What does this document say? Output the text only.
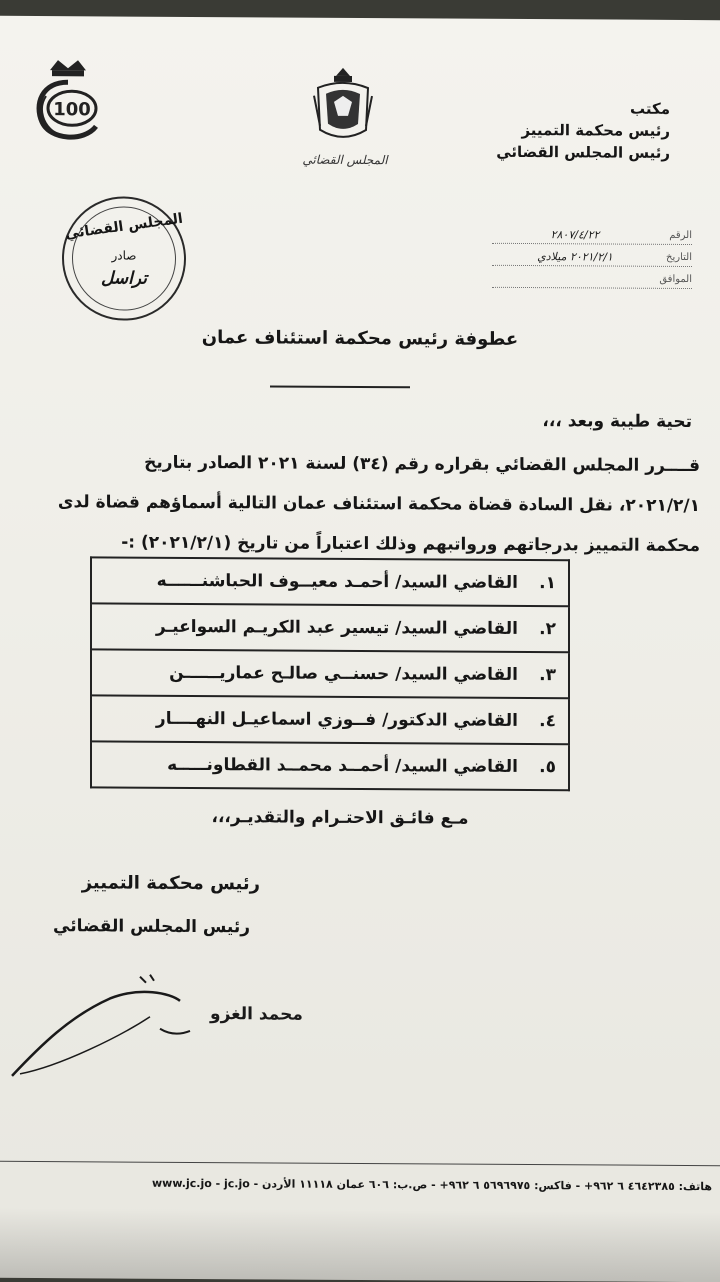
100
المجلس القضائي
مكتب
رئيس محكمة التمييز
رئيس المجلس القضائي
المجلس القضائي
صادر
تراسل
الرقم
٢٨٠٧/٤/٢٢
التاريخ
٢٠٢١/٢/١ ميلادي
الموافق
عطوفة رئيس محكمة استئناف عمان
تحية طيبة وبعد ،،،
قــــرر المجلس القضائي بقراره رقم (٣٤) لسنة ٢٠٢١ الصادر بتاريخ
٢٠٢١/٢/١، نقل السادة قضاة محكمة استئناف عمان التالية أسماؤهم قضاة لدى
محكمة التمييز بدرجاتهم ورواتبهم وذلك اعتباراً من تاريخ (٢٠٢١/٢/١) :-
١.القاضي السيد/ أحمـد معيــوف الحباشنــــــه
٢.القاضي السيد/ تيسير عبد الكريـم السواعيـر
٣.القاضي السيد/ حسنــي صالـح عماريــــــن
٤.القاضي الدكتور/ فــوزي اسماعيـل النهــــار
٥.القاضي السيد/ أحمــد محمــد القطاونـــــه
مـع فائـق الاحتـرام والتقديـر،،،
رئيس محكمة التمييز
رئيس المجلس القضائي
محمد الغزو
هاتف: ٤٦٤٢٣٨٥ ٦ ٩٦٢+ - فاكس: ٥٦٩٦٩٧٥ ٦ ٩٦٢+ - ص.ب: ٦٠٦ عمان ١١١١٨ الأردن - www.jc.jo - jc.jo
